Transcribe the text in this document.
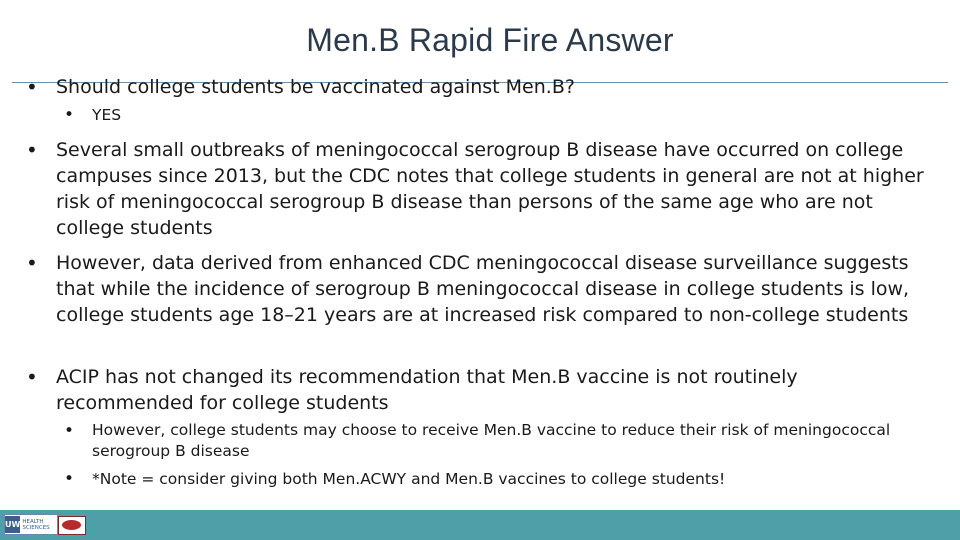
Men.B Rapid Fire Answer
• Should college students be vaccinated against Men.B?
• YES
• Several small outbreaks of meningococcal serogroup B disease have occurred on college campuses since 2013, but the CDC notes that college students in general are not at higher risk of meningococcal serogroup B disease than persons of the same age who are not college students
• However, data derived from enhanced CDC meningococcal disease surveillance suggests that while the incidence of serogroup B meningococcal disease in college students is low, college students age 18–21 years are at increased risk compared to non-college students
• ACIP has not changed its recommendation that Men.B vaccine is not routinely recommended for college students
• However, college students may choose to receive Men.B vaccine to reduce their risk of meningococcal serogroup B disease
• *Note = consider giving both Men.ACWY and Men.B vaccines to college students!
UW HEALTH SCIENCES
